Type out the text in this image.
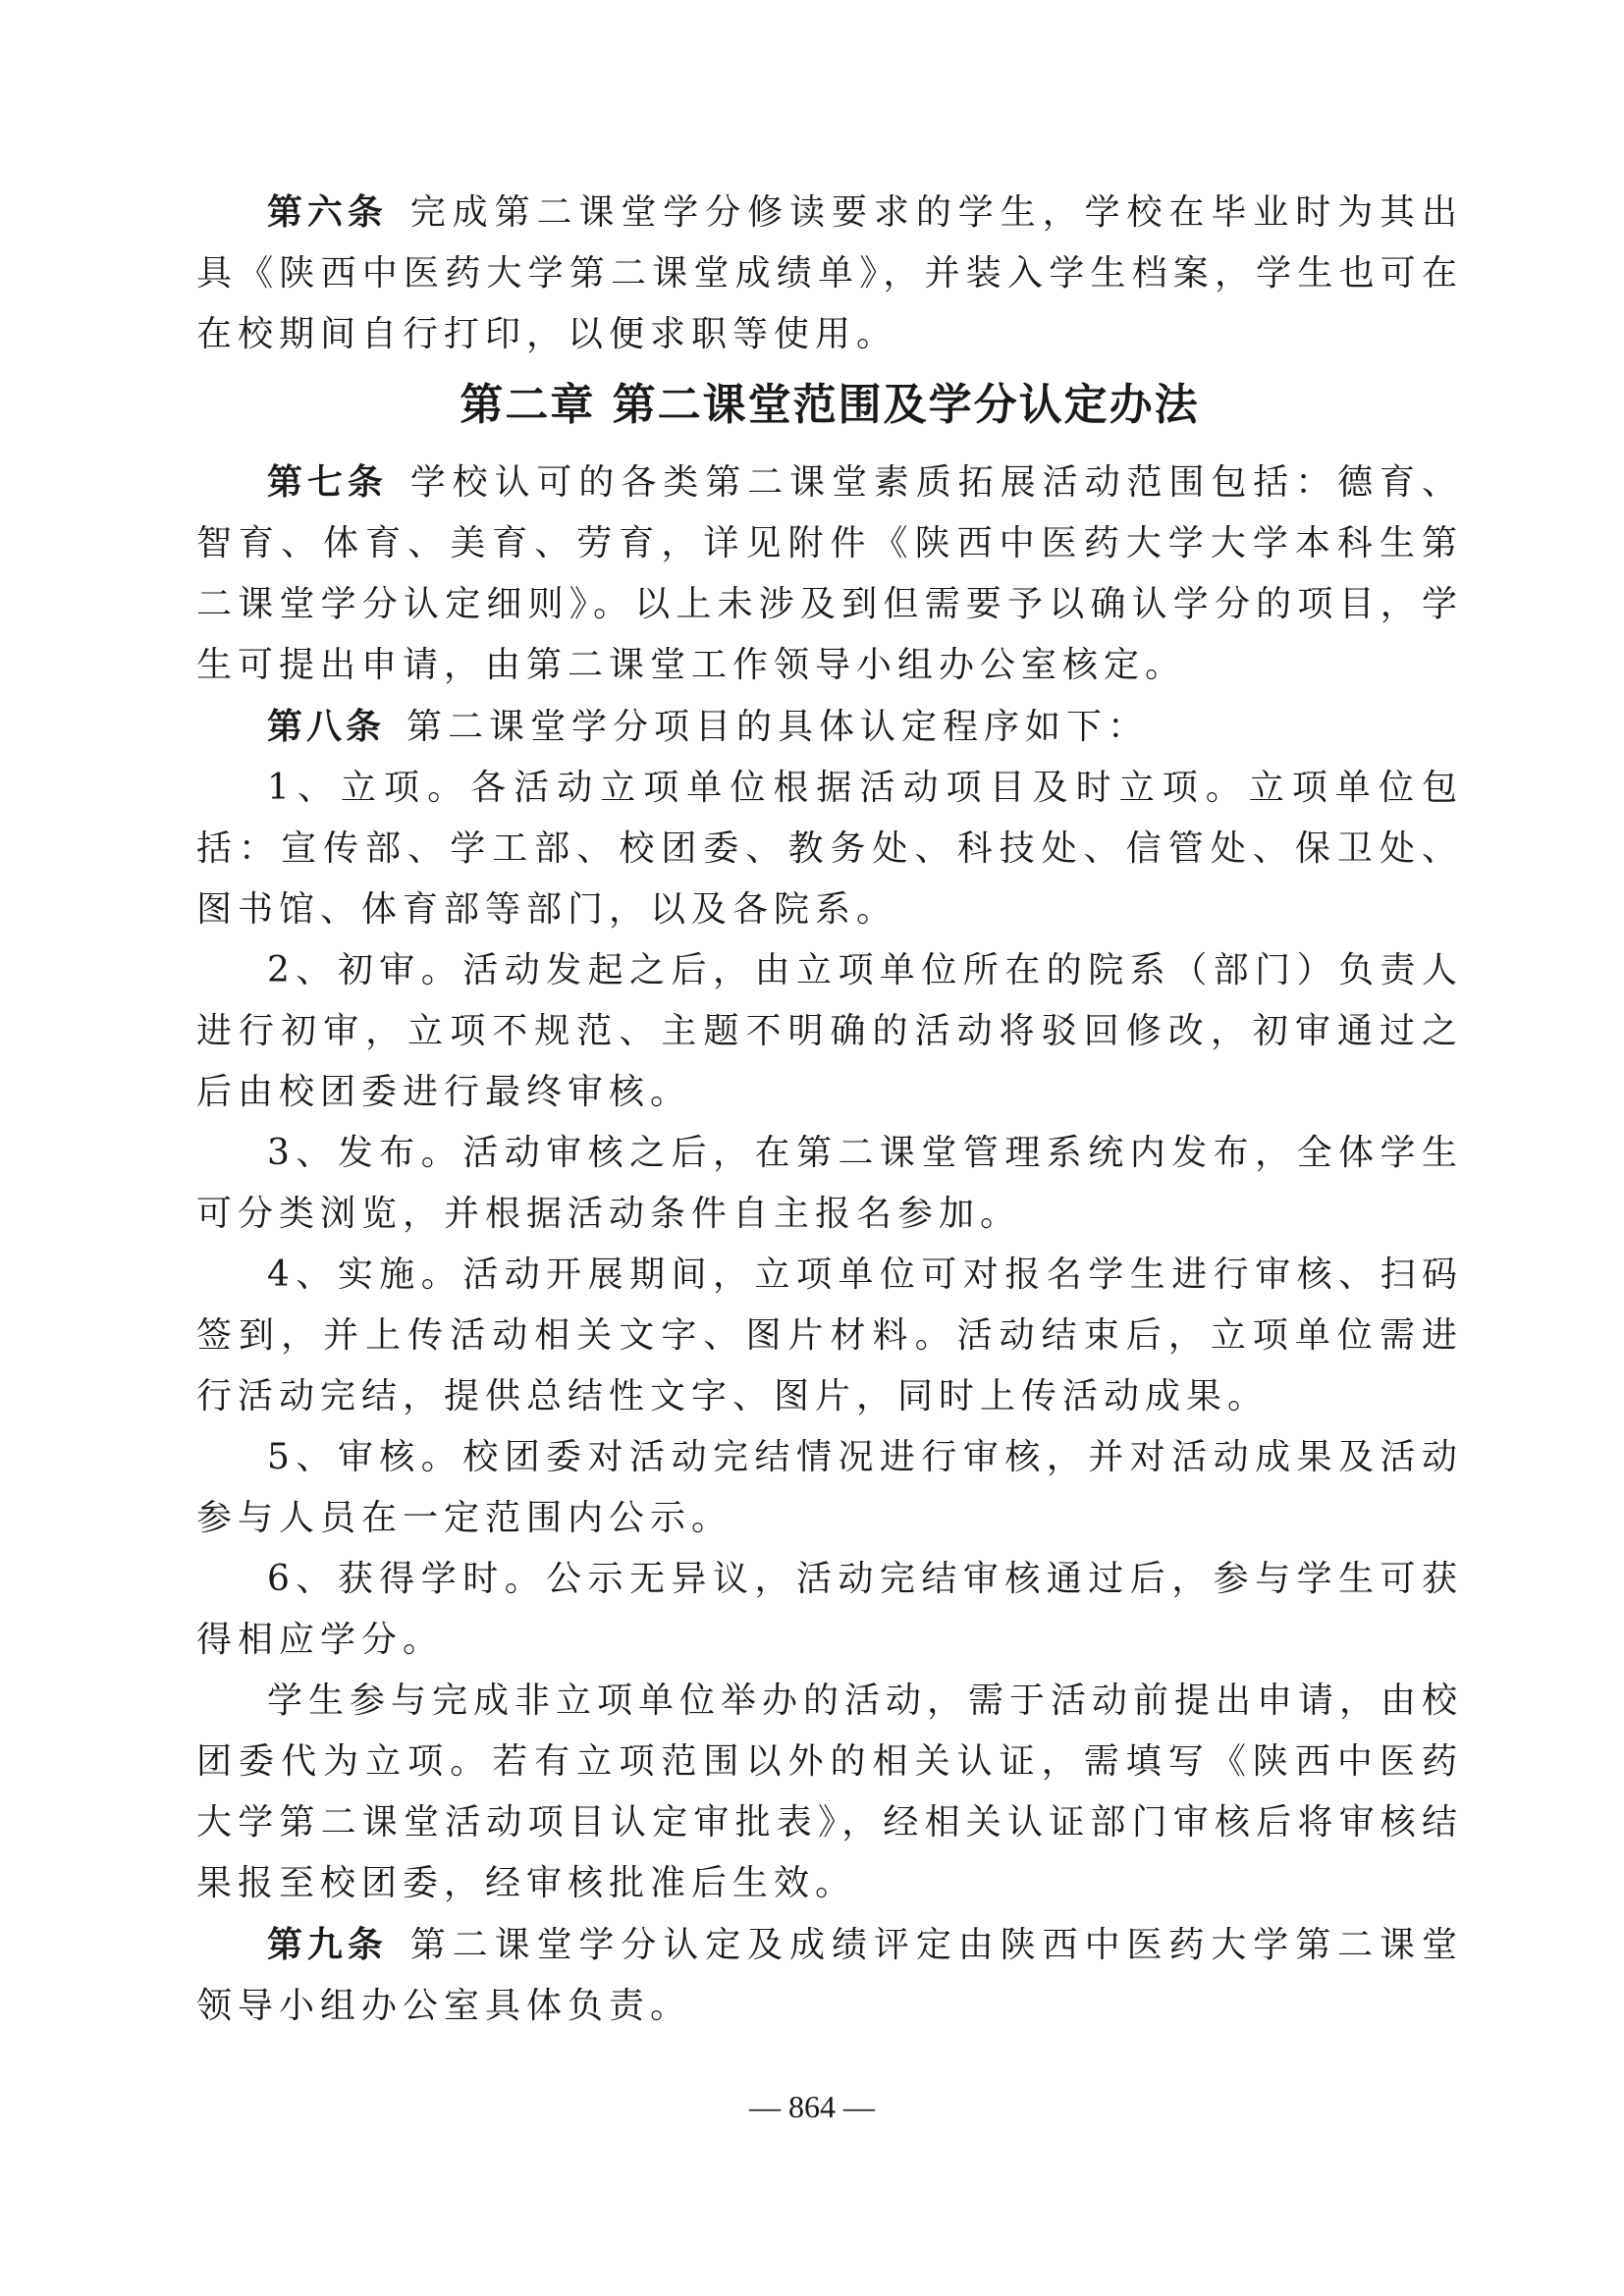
第六条 完成第二课堂学分修读要求的学生，学校在毕业时为其出具《陕西中医药大学第二课堂成绩单》，并装入学生档案，学生也可在在校期间自行打印，以便求职等使用。

第二章 第二课堂范围及学分认定办法

第七条 学校认可的各类第二课堂素质拓展活动范围包括：德育、智育、体育、美育、劳育，详见附件《陕西中医药大学大学本科生第二课堂学分认定细则》。以上未涉及到但需要予以确认学分的项目，学生可提出申请，由第二课堂工作领导小组办公室核定。

第八条 第二课堂学分项目的具体认定程序如下：

1、立项。各活动立项单位根据活动项目及时立项。立项单位包括：宣传部、学工部、校团委、教务处、科技处、信管处、保卫处、图书馆、体育部等部门，以及各院系。

2、初审。活动发起之后，由立项单位所在的院系（部门）负责人进行初审，立项不规范、主题不明确的活动将驳回修改，初审通过之后由校团委进行最终审核。

3、发布。活动审核之后，在第二课堂管理系统内发布，全体学生可分类浏览，并根据活动条件自主报名参加。

4、实施。活动开展期间，立项单位可对报名学生进行审核、扫码签到，并上传活动相关文字、图片材料。活动结束后，立项单位需进行活动完结，提供总结性文字、图片，同时上传活动成果。

5、审核。校团委对活动完结情况进行审核，并对活动成果及活动参与人员在一定范围内公示。

6、获得学时。公示无异议，活动完结审核通过后，参与学生可获得相应学分。

学生参与完成非立项单位举办的活动，需于活动前提出申请，由校团委代为立项。若有立项范围以外的相关认证，需填写《陕西中医药大学第二课堂活动项目认定审批表》，经相关认证部门审核后将审核结果报至校团委，经审核批准后生效。

第九条 第二课堂学分认定及成绩评定由陕西中医药大学第二课堂领导小组办公室具体负责。

— 864 —
